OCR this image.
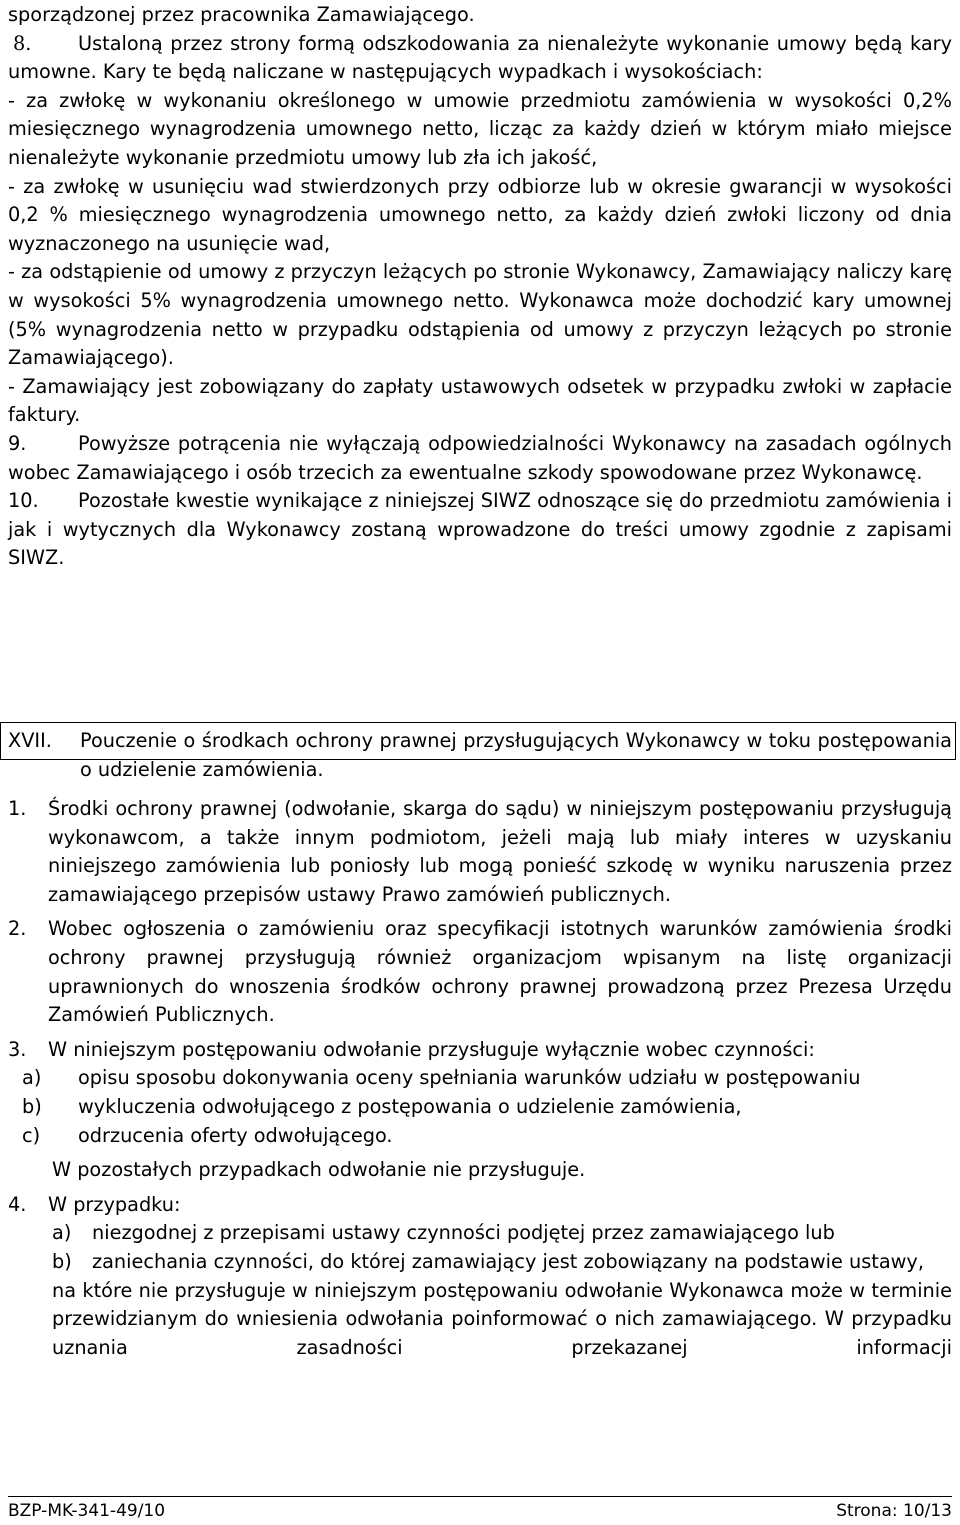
sporządzonej przez pracownika Zamawiającego.

8. Ustaloną przez strony formą odszkodowania za nienależyte wykonanie umowy będą kary umowne. Kary te będą naliczane w następujących wypadkach i wysokościach:

- za zwłokę w wykonaniu określonego w umowie przedmiotu zamówienia w wysokości 0,2% miesięcznego wynagrodzenia umownego netto, licząc za każdy dzień w którym miało miejsce nienależyte wykonanie przedmiotu umowy lub zła ich jakość,

- za zwłokę w usunięciu wad stwierdzonych przy odbiorze lub w okresie gwarancji w wysokości 0,2 % miesięcznego wynagrodzenia umownego netto, za każdy dzień zwłoki liczony od dnia wyznaczonego na usunięcie wad,

- za odstąpienie od umowy z przyczyn leżących po stronie Wykonawcy, Zamawiający naliczy karę w wysokości 5% wynagrodzenia umownego netto. Wykonawca może dochodzić kary umownej (5% wynagrodzenia netto w przypadku odstąpienia od umowy z przyczyn leżących po stronie Zamawiającego).

- Zamawiający jest zobowiązany do zapłaty ustawowych odsetek w przypadku zwłoki w zapłacie faktury.

9.	Powyższe potrącenia nie wyłączają odpowiedzialności Wykonawcy na zasadach ogólnych wobec Zamawiającego i osób trzecich za ewentualne szkody spowodowane przez Wykonawcę.

10. Pozostałe kwestie wynikające z niniejszej SIWZ odnoszące się do przedmiotu zamówienia i jak i wytycznych dla Wykonawcy zostaną wprowadzone do treści umowy zgodnie z zapisami SIWZ.

XVII.	Pouczenie o środkach ochrony prawnej przysługujących Wykonawcy w toku postępowania o udzielenie zamówienia.
1.	Środki ochrony prawnej (odwołanie, skarga do sądu) w niniejszym postępowaniu przysługują wykonawcom, a także innym podmiotom, jeżeli mają lub miały interes w uzyskaniu niniejszego zamówienia lub poniosły lub mogą ponieść szkodę w wyniku naruszenia przez zamawiającego przepisów ustawy Prawo zamówień publicznych.
2.	Wobec ogłoszenia o zamówieniu oraz specyfikacji istotnych warunków zamówienia środki ochrony prawnej przysługują również organizacjom wpisanym na listę organizacji uprawnionych do wnoszenia środków ochrony prawnej prowadzoną przez Prezesa Urzędu Zamówień Publicznych.
3.	W niniejszym postępowaniu odwołanie przysługuje wyłącznie wobec czynności:
a)	opisu sposobu dokonywania oceny spełniania warunków udziału w postępowaniu
b)	wykluczenia odwołującego z postępowania o udzielenie zamówienia,
c)	odrzucenia oferty odwołującego.

W pozostałych przypadkach odwołanie nie przysługuje.

4.	W przypadku:
a)	niezgodnej z przepisami ustawy czynności podjętej przez zamawiającego lub
b)	zaniechania czynności, do której zamawiający jest zobowiązany na podstawie ustawy,

na które nie przysługuje w niniejszym postępowaniu odwołanie Wykonawca może w terminie przewidzianym do wniesienia odwołania poinformować o nich zamawiającego. W przypadku uznania zasadności przekazanej informacji

BZP-MK-341-49/10	Strona: 10/13
